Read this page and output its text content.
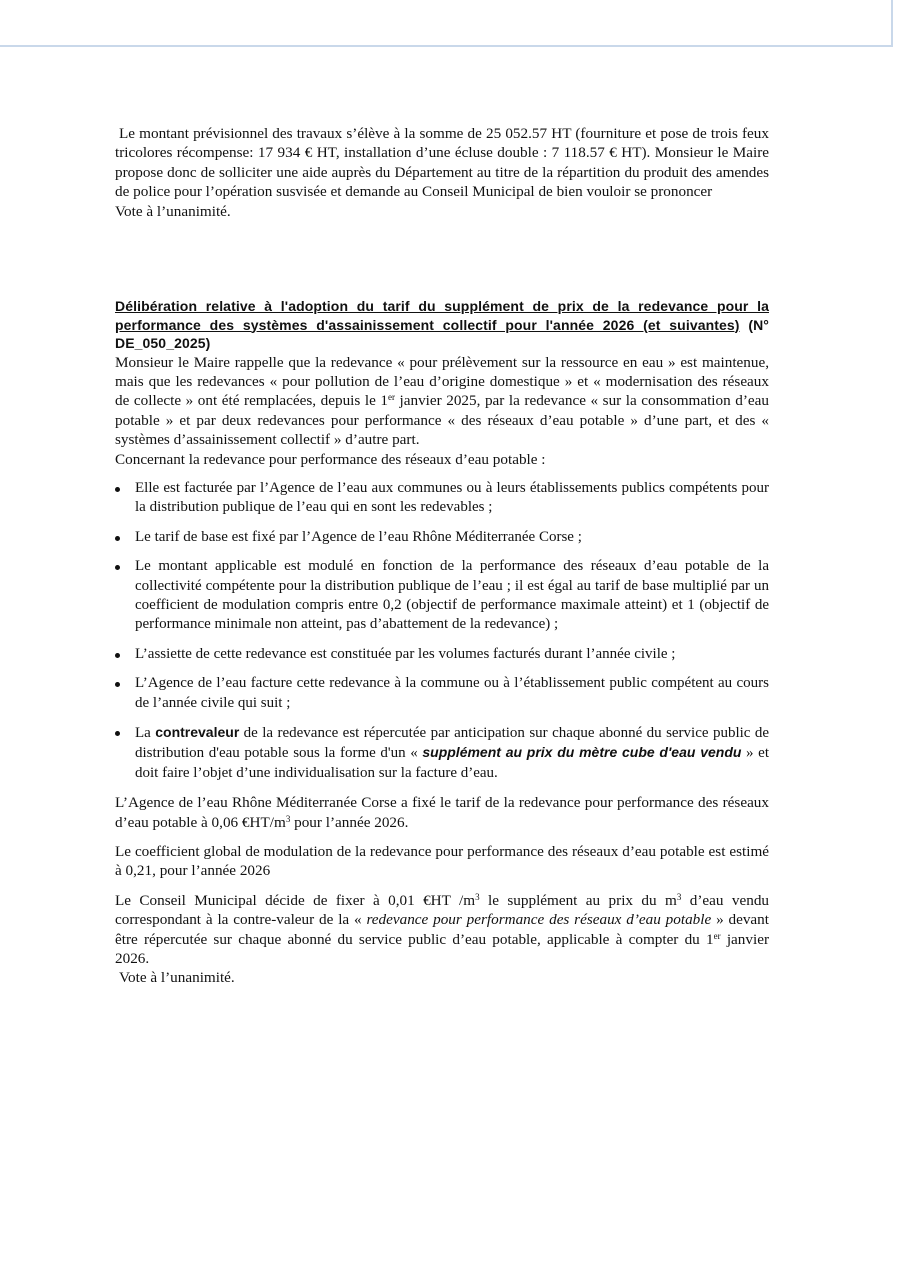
Le montant prévisionnel des travaux s’élève à la somme de 25 052.57 HT (fourniture et pose de trois feux tricolores récompense: 17 934 € HT, installation d’une écluse double : 7 118.57 € HT). Monsieur le Maire propose donc de solliciter une aide auprès du Département au titre de la répartition du produit des amendes de police pour l’opération susvisée et demande au Conseil Municipal de bien vouloir se prononcer

Vote à l’unanimité.

Délibération relative à l'adoption du tarif du supplément de prix de la redevance pour la performance des systèmes d'assainissement collectif pour l'année 2026 (et suivantes) (N° DE_050_2025)

Monsieur le Maire rappelle que la redevance « pour prélèvement sur la ressource en eau » est maintenue, mais que les redevances « pour pollution de l’eau d’origine domestique » et « modernisation des réseaux de collecte » ont été remplacées, depuis le 1er janvier 2025, par la redevance « sur la consommation d’eau potable » et par deux redevances pour performance « des réseaux d’eau potable » d’une part, et des « systèmes d’assainissement collectif » d’autre part.

Concernant la redevance pour performance des réseaux d’eau potable :

Elle est facturée par l’Agence de l’eau aux communes ou à leurs établissements publics compétents pour la distribution publique de l’eau qui en sont les redevables ;
Le tarif de base est fixé par l’Agence de l’eau Rhône Méditerranée Corse ;
Le montant applicable est modulé en fonction de la performance des réseaux d’eau potable de la collectivité compétente pour la distribution publique de l’eau ; il est égal au tarif de base multiplié par un coefficient de modulation compris entre 0,2 (objectif de performance maximale atteint) et 1 (objectif de performance minimale non atteint, pas d’abattement de la redevance) ;
L’assiette de cette redevance est constituée par les volumes facturés durant l’année civile ;
L’Agence de l’eau facture cette redevance à la commune ou à l’établissement public compétent au cours de l’année civile qui suit ;
La contrevaleur de la redevance est répercutée par anticipation sur chaque abonné du service public de distribution d'eau potable sous la forme d'un « supplément au prix du mètre cube d'eau vendu » et doit faire l’objet d’une individualisation sur la facture d’eau.

L’Agence de l’eau Rhône Méditerranée Corse a fixé le tarif de la redevance pour performance des réseaux d’eau potable à 0,06 $€HT/m^3$ pour l’année 2026.

Le coefficient global de modulation de la redevance pour performance des réseaux d’eau potable est estimé à 0,21, pour l’année 2026

Le Conseil Municipal décide de fixer à 0,01 €HT $/m^3$ le supplément au prix du $m^3$ d’eau vendu correspondant à la contre-valeur de la « redevance pour performance des réseaux d’eau potable » devant être répercutée sur chaque abonné du service public d’eau potable, applicable à compter du 1er janvier 2026.

Vote à l’unanimité.
